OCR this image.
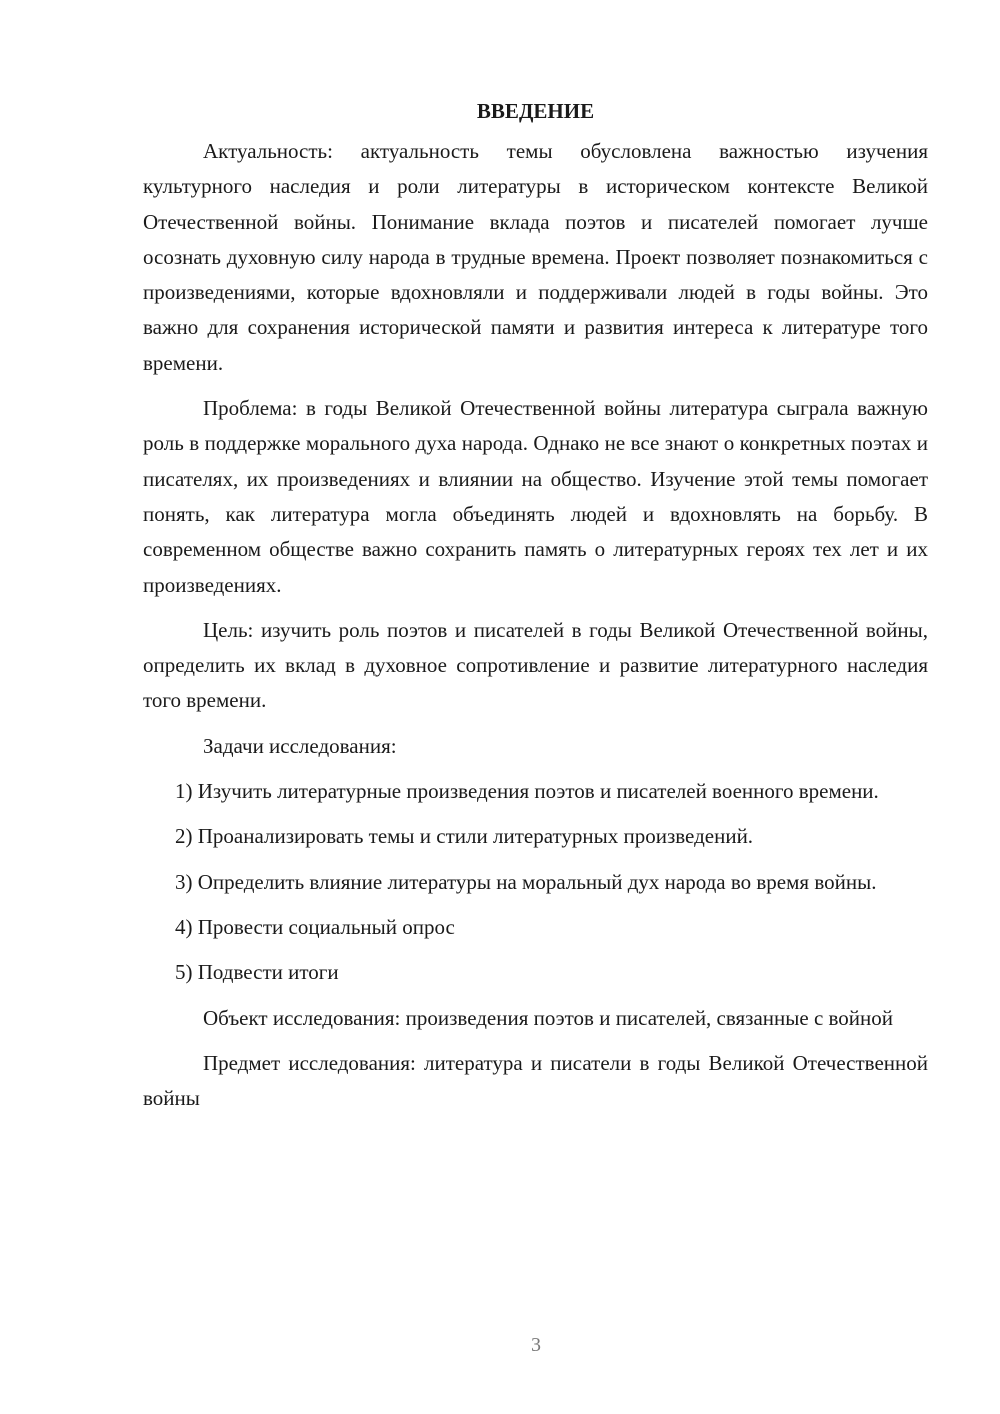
ВВЕДЕНИЕ

Актуальность: актуальность темы обусловлена важностью изучения культурного наследия и роли литературы в историческом контексте Великой Отечественной войны. Понимание вклада поэтов и писателей помогает лучше осознать духовную силу народа в трудные времена. Проект позволяет познакомиться с произведениями, которые вдохновляли и поддерживали людей в годы войны. Это важно для сохранения исторической памяти и развития интереса к литературе того времени.

Проблема: в годы Великой Отечественной войны литература сыграла важную роль в поддержке морального духа народа. Однако не все знают о конкретных поэтах и писателях, их произведениях и влиянии на общество. Изучение этой темы помогает понять, как литература могла объединять людей и вдохновлять на борьбу. В современном обществе важно сохранить память о литературных героях тех лет и их произведениях.

Цель: изучить роль поэтов и писателей в годы Великой Отечественной войны, определить их вклад в духовное сопротивление и развитие литературного наследия того времени.

Задачи исследования:

1) Изучить литературные произведения поэтов и писателей военного времени.

2) Проанализировать темы и стили литературных произведений.

3) Определить влияние литературы на моральный дух народа во время войны.

4) Провести социальный опрос

5) Подвести итоги

Объект исследования: произведения поэтов и писателей, связанные с войной

Предмет исследования: литература и писатели в годы Великой Отечественной войны

3
